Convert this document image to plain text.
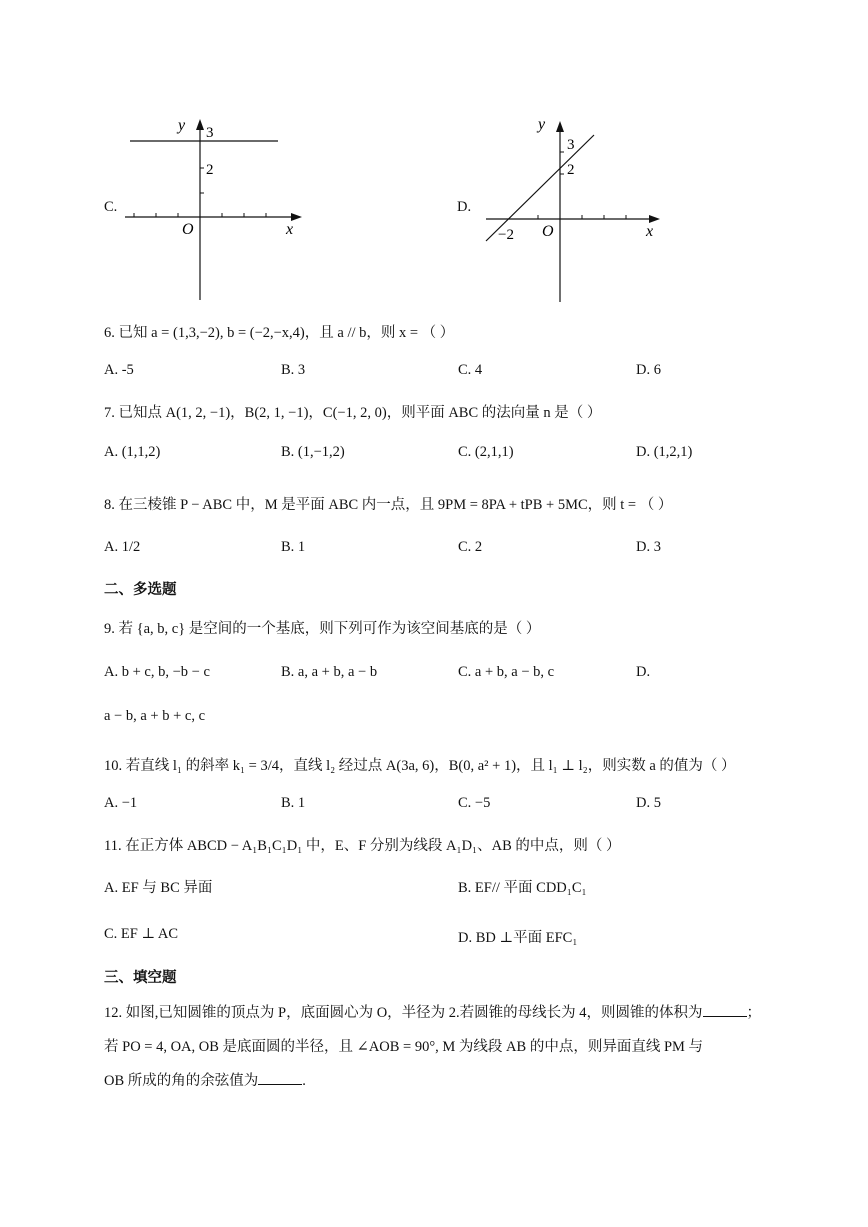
C.
y 3
2
O	x
D.
y
3
2
−2 O	x
6. 已知 a = (1,3,−2), b = (−2,−x,4)，且 a // b，则 x = （ ）
A. -5	B. 3	C. 4	D. 6
7. 已知点 A(1, 2, −1)，B(2, 1, −1)，C(−1, 2, 0)，则平面 ABC 的法向量 n 是（ ）
A. (1,1,2)	B. (1,−1,2)	C. (2,1,1)	D. (1,2,1)
8. 在三棱锥 P − ABC 中，M 是平面 ABC 内一点，且 9PM = 8PA + tPB + 5MC，则 t = （ ）
A. 1/2	B. 1	C. 2	D. 3
二、多选题
9. 若 {a, b, c} 是空间的一个基底，则下列可作为该空间基底的是（ ）
A. b + c, b, −b − c	B. a, a + b, a − b	C. a + b, a − b, c	D.
a − b, a + b + c, c
10. 若直线 l₁ 的斜率 k₁ = 3/4，直线 l₂ 经过点 A(3a, 6)，B(0, a² + 1)，且 l₁ ⊥ l₂，则实数 a 的值为（ ）
A. −1	B. 1	C. −5	D. 5
11. 在正方体 ABCD − A₁B₁C₁D₁ 中，E、F 分别为线段 A₁D₁、AB 的中点，则（ ）
A. EF 与 BC 异面	B. EF// 平面 CDD₁C₁
C. EF ⊥ AC	D. BD ⊥平面 EFC₁
三、填空题
12. 如图,已知圆锥的顶点为 P，底面圆心为 O，半径为 2.若圆锥的母线长为 4，则圆锥的体积为	；
若 PO = 4, OA, OB 是底面圆的半径，且 ∠AOB = 90°, M 为线段 AB 的中点，则异面直线 PM 与
OB 所成的角的余弦值为	.
